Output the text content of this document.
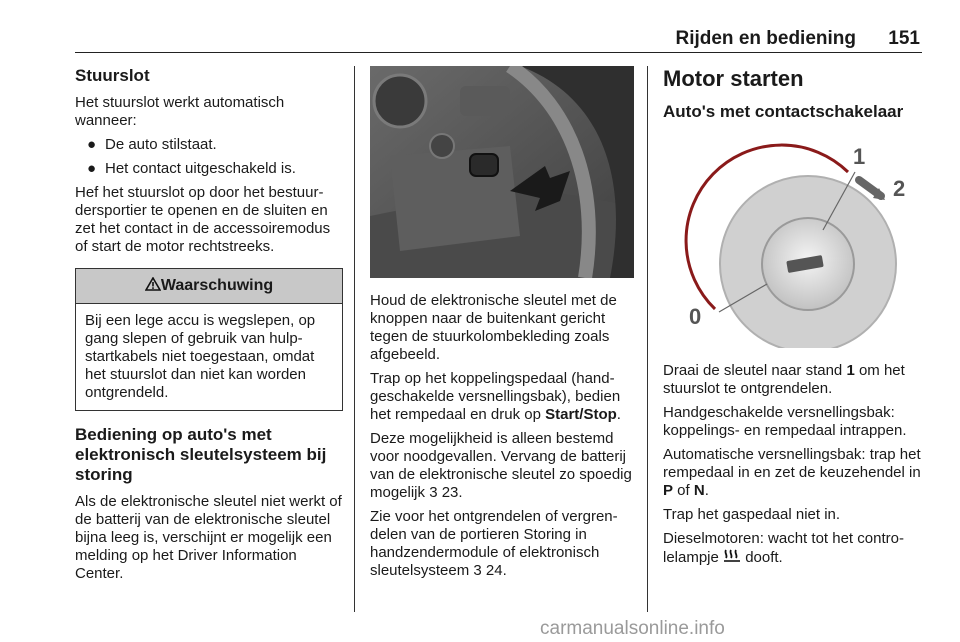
Rijden en bediening 151
Stuurslot

Het stuurslot werkt automatisch wanneer:

● De auto stilstaat.
● Het contact uitgeschakeld is.

Hef het stuurslot op door het bestuurdersportier te openen en de sluiten en zet het contact in de accessoiremodus of start de motor rechtstreeks.

Waarschuwing
Bij een lege accu is wegslepen, op gang slepen of gebruik van hulpstartkabels niet toegestaan, omdat het stuurslot dan niet kan worden ontgrendeld.
Bediening op auto's met elektronisch sleutelsysteem bij storing

Als de elektronische sleutel niet werkt of de batterij van de elektronische sleutel bijna leeg is, verschijnt er mogelijk een melding op het Driver Information Center.

Houd de elektronische sleutel met de knoppen naar de buitenkant gericht tegen de stuurkolombekleding zoals afgebeeld.

Trap op het koppelingspedaal (handgeschakelde versnellingsbak), bedien het rempedaal en druk op Start/Stop.

Deze mogelijkheid is alleen bestemd voor noodgevallen. Vervang de batterij van de elektronische sleutel zo spoedig mogelijk 3 23.

Zie voor het ontgrendelen of vergrendelen van de portieren Storing in handzendermodule of elektronisch sleutelsysteem 3 24.

Motor starten
Auto's met contactschakelaar
0
1
2

Draai de sleutel naar stand 1 om het stuurslot te ontgrendelen.

Handgeschakelde versnellingsbak: koppelings- en rempedaal intrappen.

Automatische versnellingsbak: trap het rempedaal in en zet de keuzehendel in P of N.

Trap het gaspedaal niet in.

Dieselmotoren: wacht tot het controlelampje  dooft.

carmanualsonline.info
